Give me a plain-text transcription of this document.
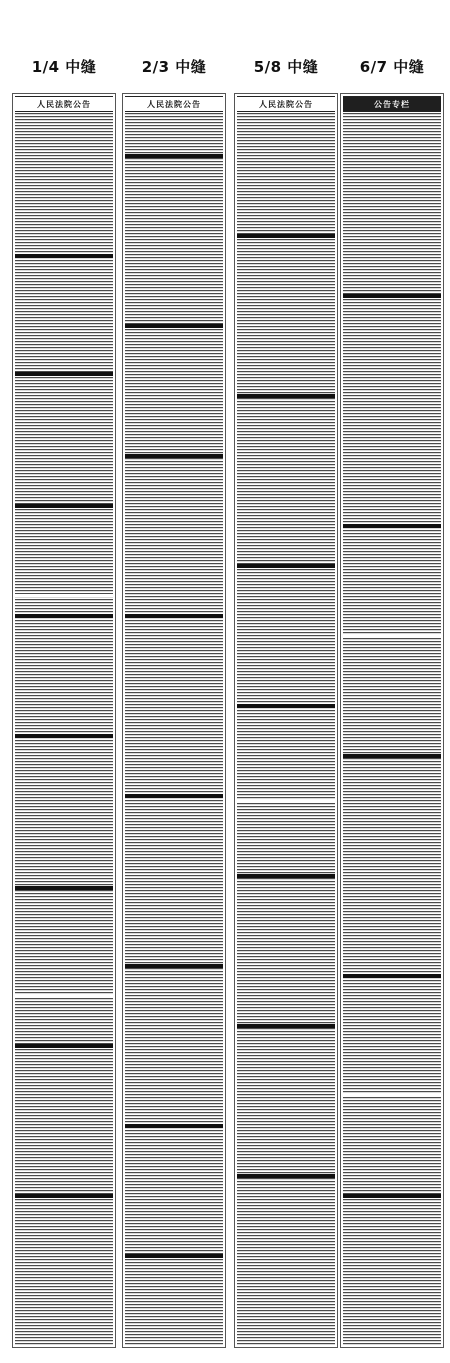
1/4 中缝
人民法院公告
2/3 中缝
人民法院公告
5/8 中缝
人民法院公告
6/7 中缝
公告专栏
